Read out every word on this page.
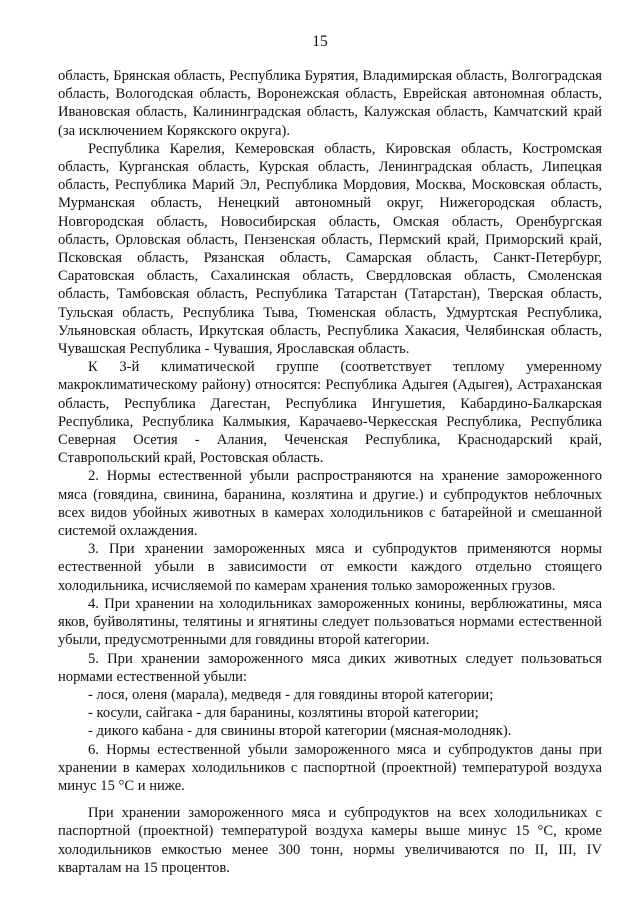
15

область, Брянская область, Республика Бурятия, Владимирская область, Волгоградская область, Вологодская область, Воронежская область, Еврейская автономная область, Ивановская область, Калининградская область, Калужская область, Камчатский край (за исключением Корякского округа).

Республика Карелия, Кемеровская область, Кировская область, Костромская область, Курганская область, Курская область, Ленинградская область, Липецкая область, Республика Марий Эл, Республика Мордовия, Москва, Московская область, Мурманская область, Ненецкий автономный округ, Нижегородская область, Новгородская область, Новосибирская область, Омская область, Оренбургская область, Орловская область, Пензенская область, Пермский край, Приморский край, Псковская область, Рязанская область, Самарская область, Санкт-Петербург, Саратовская область, Сахалинская область, Свердловская область, Смоленская область, Тамбовская область, Республика Татарстан (Татарстан), Тверская область, Тульская область, Республика Тыва, Тюменская область, Удмуртская Республика, Ульяновская область, Иркутская область, Республика Хакасия, Челябинская область, Чувашская Республика - Чувашия, Ярославская область.

К 3-й климатической группе (соответствует теплому умеренному макроклиматическому району) относятся: Республика Адыгея (Адыгея), Астраханская область, Республика Дагестан, Республика Ингушетия, Кабардино-Балкарская Республика, Республика Калмыкия, Карачаево-Черкесская Республика, Республика Северная Осетия - Алания, Чеченская Республика, Краснодарский край, Ставропольский край, Ростовская область.

2. Нормы естественной убыли распространяются на хранение замороженного мяса (говядина, свинина, баранина, козлятина и другие.) и субпродуктов неблочных всех видов убойных животных в камерах холодильников с батарейной и смешанной системой охлаждения.

3. При хранении замороженных мяса и субпродуктов применяются нормы естественной убыли в зависимости от емкости каждого отдельно стоящего холодильника, исчисляемой по камерам хранения только замороженных грузов.

4. При хранении на холодильниках замороженных конины, верблюжатины, мяса яков, буйволятины, телятины и ягнятины следует пользоваться нормами естественной убыли, предусмотренными для говядины второй категории.

5. При хранении замороженного мяса диких животных следует пользоваться нормами естественной убыли:

- лося, оленя (марала), медведя - для говядины второй категории;

- косули, сайгака - для баранины, козлятины второй категории;

- дикого кабана - для свинины второй категории (мясная-молодняк).

6. Нормы естественной убыли замороженного мяса и субпродуктов даны при хранении в камерах холодильников с паспортной (проектной) температурой воздуха минус 15 °С и ниже.

При хранении замороженного мяса и субпродуктов на всех холодильниках с паспортной (проектной) температурой воздуха камеры выше минус 15 °С, кроме холодильников емкостью менее 300 тонн, нормы увеличиваются по II, III, IV кварталам на 15 процентов.
